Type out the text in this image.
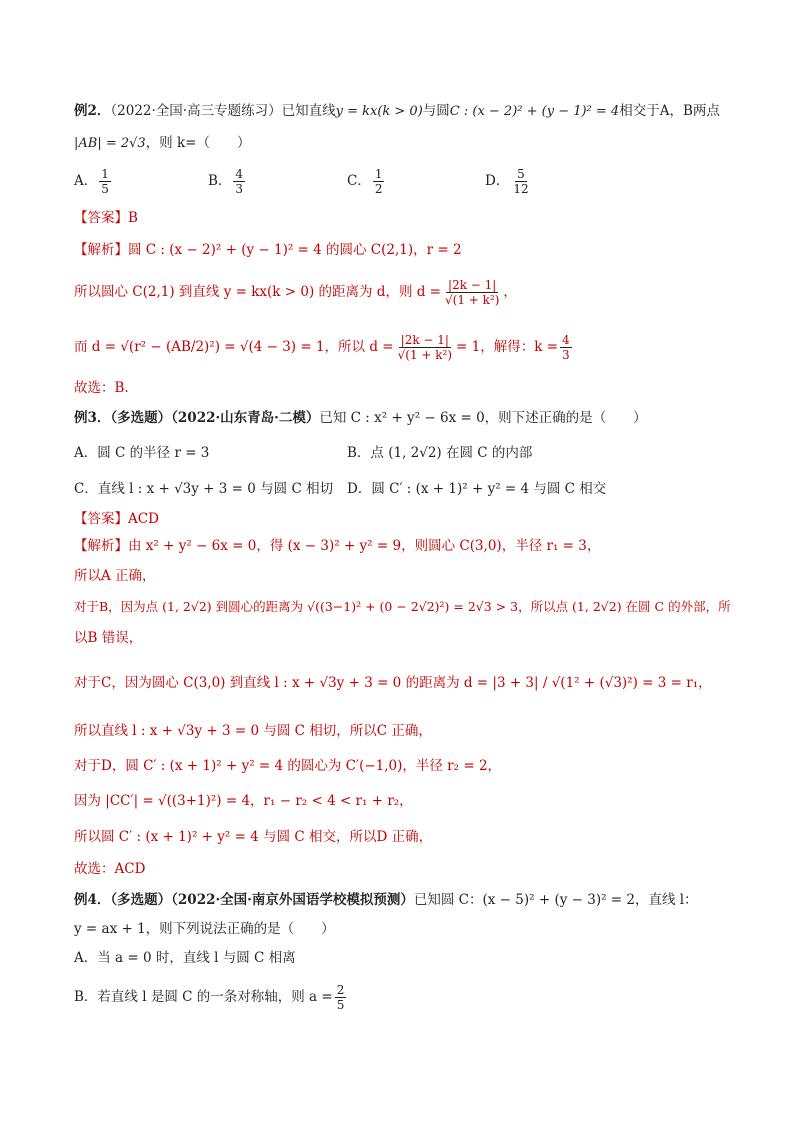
例2．（2022·全国·高三专题练习）已知直线y = kx(k > 0)与圆C : (x − 2)² + (y − 1)² = 4相交于A，B两点
|AB| = 2√3，则 k=（　　）
A． $\frac{1}{5}$	B． $\frac{4}{3}$	C． $\frac{1}{2}$	D． $\frac{5}{12}$
【答案】B
【解析】圆 C : (x − 2)² + (y − 1)² = 4 的圆心 C(2,1)，r = 2
所以圆心 C(2,1) 到直线 y = kx(k > 0) 的距离为 d，则 $d = \frac{|2k - 1|}{\text{√(1 + k²)}}$ ，
而 d = √(r² − (AB/2)²) = √(4 − 3) = 1，所以 $d = \frac{|2k - 1|}{\text{√(1 + k²)}} = 1$，解得：$k = \frac{4}{3}$
故选：B.
例3．（多选题）（2022·山东青岛·二模）已知 C : x² + y² − 6x = 0，则下述正确的是（　　）
A．圆 C 的半径 r = 3	B．点 (1, 2√2) 在圆 C 的内部
C．直线 l : x + √3y + 3 = 0 与圆 C 相切 D．圆 C′ : (x + 1)² + y² = 4 与圆 C 相交
【答案】ACD
【解析】由 x² + y² − 6x = 0，得 (x − 3)² + y² = 9，则圆心 C(3,0)，半径 r₁ = 3，
所以A 正确，
对于B，因为点 (1, 2√2) 到圆心的距离为 √((3−1)² + (0 − 2√2)²) = 2√3 > 3，所以点 (1, 2√2) 在圆 C 的外部，所
以B 错误，
对于C，因为圆心 C(3,0) 到直线 l : x + √3y + 3 = 0 的距离为 d = |3 + 3| / √(1² + (√3)²) = 3 = r₁，
所以直线 l : x + √3y + 3 = 0 与圆 C 相切，所以C 正确，
对于D，圆 C′ : (x + 1)² + y² = 4 的圆心为 C′(−1,0)，半径 r₂ = 2，
因为 |CC′| = √((3+1)²) = 4，r₁ − r₂ < 4 < r₁ + r₂，
所以圆 C′ : (x + 1)² + y² = 4 与圆 C 相交，所以D 正确，
故选：ACD
例4．（多选题）（2022·全国·南京外国语学校模拟预测）已知圆 C：(x − 5)² + (y − 3)² = 2，直线 l：
y = ax + 1，则下列说法正确的是（　　）
A．当 a = 0 时，直线 l 与圆 C 相离
B．若直线 l 是圆 C 的一条对称轴，则 $a = \frac{2}{5}$
